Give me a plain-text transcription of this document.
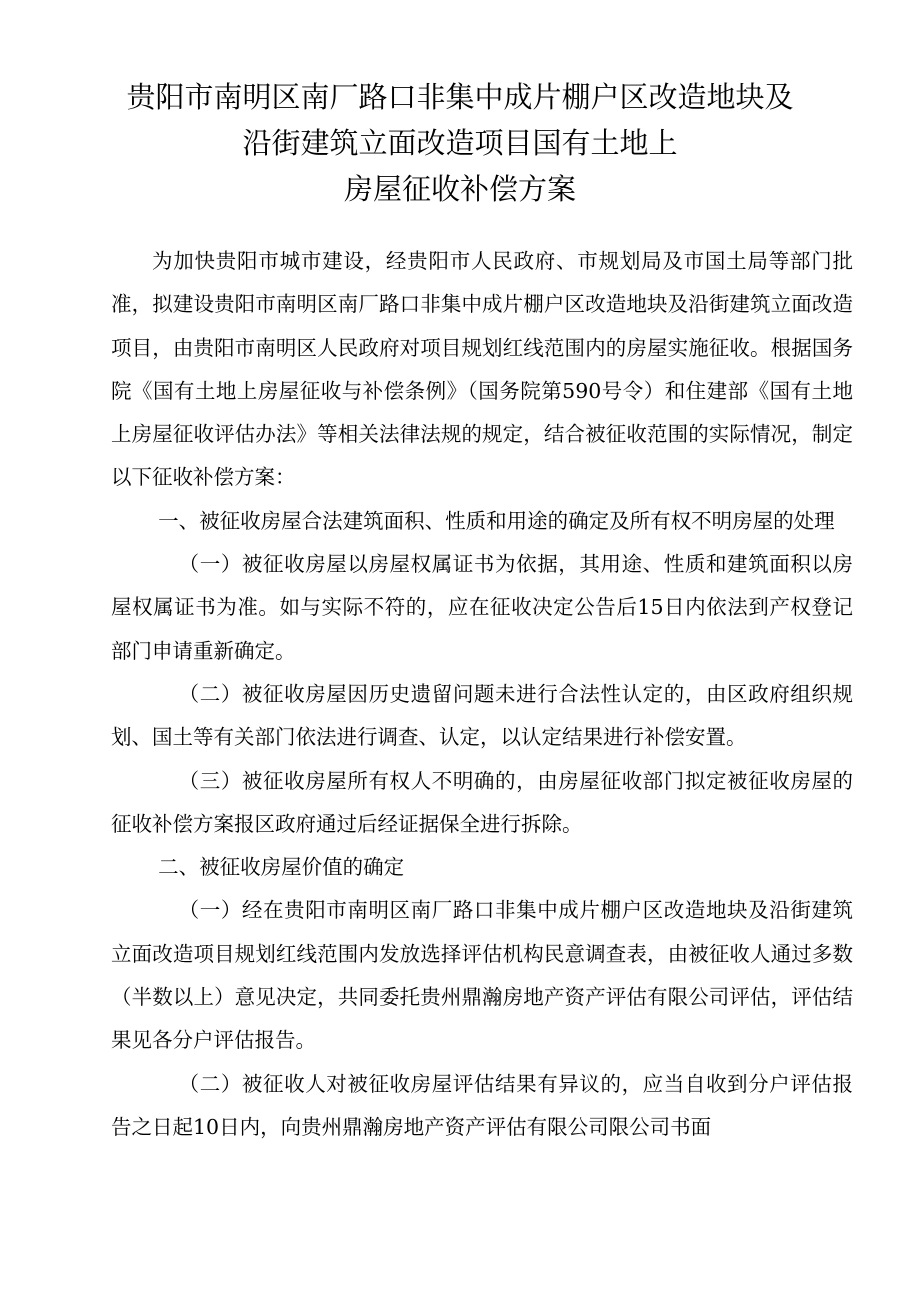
贵阳市南明区南厂路口非集中成片棚户区改造地块及
沿街建筑立面改造项目国有土地上
房屋征收补偿方案

为加快贵阳市城市建设，经贵阳市人民政府、市规划局及市国土局等部门批准，拟建设贵阳市南明区南厂路口非集中成片棚户区改造地块及沿街建筑立面改造项目，由贵阳市南明区人民政府对项目规划红线范围内的房屋实施征收。根据国务院《国有土地上房屋征收与补偿条例》（国务院第590号令）和住建部《国有土地上房屋征收评估办法》等相关法律法规的规定，结合被征收范围的实际情况，制定以下征收补偿方案：

一、被征收房屋合法建筑面积、性质和用途的确定及所有权不明房屋的处理

（一）被征收房屋以房屋权属证书为依据，其用途、性质和建筑面积以房屋权属证书为准。如与实际不符的，应在征收决定公告后15日内依法到产权登记部门申请重新确定。

（二）被征收房屋因历史遗留问题未进行合法性认定的，由区政府组织规划、国土等有关部门依法进行调查、认定，以认定结果进行补偿安置。

（三）被征收房屋所有权人不明确的，由房屋征收部门拟定被征收房屋的征收补偿方案报区政府通过后经证据保全进行拆除。

二、被征收房屋价值的确定

（一）经在贵阳市南明区南厂路口非集中成片棚户区改造地块及沿街建筑立面改造项目规划红线范围内发放选择评估机构民意调查表，由被征收人通过多数（半数以上）意见决定，共同委托贵州鼎瀚房地产资产评估有限公司评估，评估结果见各分户评估报告。

（二）被征收人对被征收房屋评估结果有异议的，应当自收到分户评估报告之日起10日内，向贵州鼎瀚房地产资产评估有限公司限公司书面
